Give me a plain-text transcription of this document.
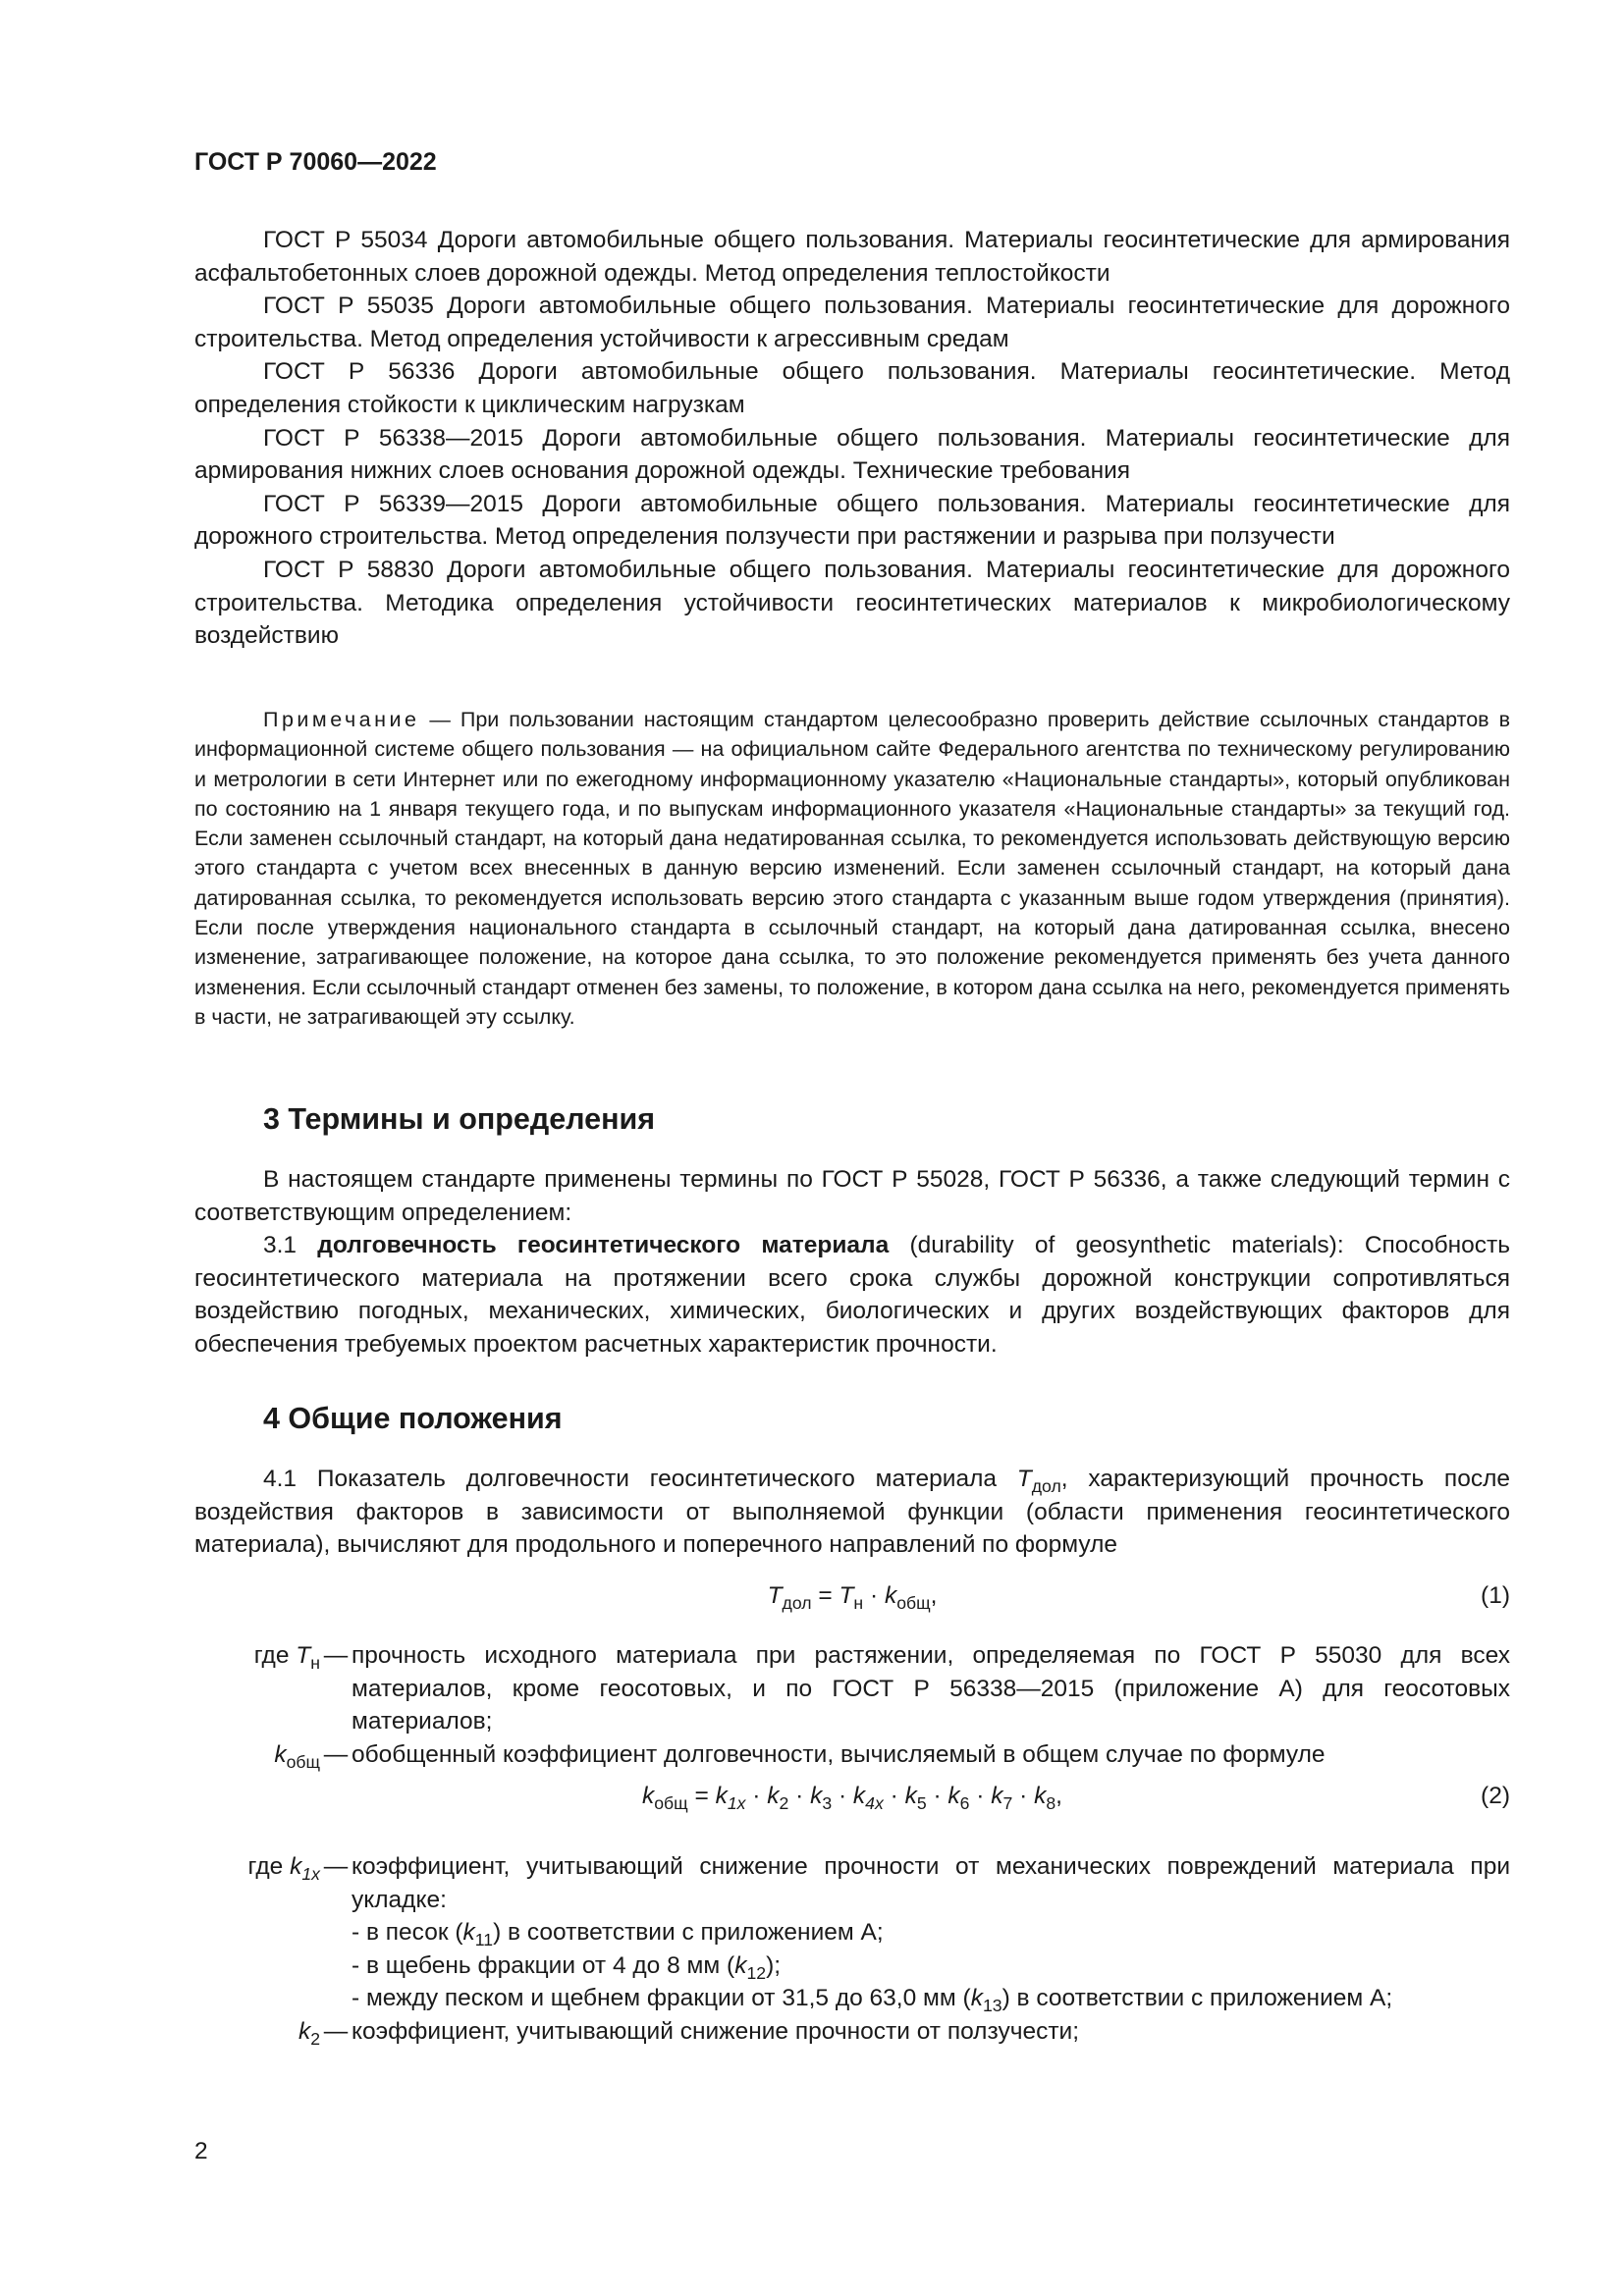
ГОСТ Р 70060—2022
ГОСТ Р 55034 Дороги автомобильные общего пользования. Материалы геосинтетические для армирования асфальтобетонных слоев дорожной одежды. Метод определения теплостойкости
ГОСТ Р 55035 Дороги автомобильные общего пользования. Материалы геосинтетические для дорожного строительства. Метод определения устойчивости к агрессивным средам
ГОСТ Р 56336 Дороги автомобильные общего пользования. Материалы геосинтетические. Метод определения стойкости к циклическим нагрузкам
ГОСТ Р 56338—2015 Дороги автомобильные общего пользования. Материалы геосинтетические для армирования нижних слоев основания дорожной одежды. Технические требования
ГОСТ Р 56339—2015 Дороги автомобильные общего пользования. Материалы геосинтетические для дорожного строительства. Метод определения ползучести при растяжении и разрыва при ползучести
ГОСТ Р 58830 Дороги автомобильные общего пользования. Материалы геосинтетические для дорожного строительства. Методика определения устойчивости геосинтетических материалов к микробиологическому воздействию
Примечание — При пользовании настоящим стандартом целесообразно проверить действие ссылочных стандартов в информационной системе общего пользования — на официальном сайте Федерального агентства по техническому регулированию и метрологии в сети Интернет или по ежегодному информационному указателю «Национальные стандарты», который опубликован по состоянию на 1 января текущего года, и по выпускам информационного указателя «Национальные стандарты» за текущий год. Если заменен ссылочный стандарт, на который дана недатированная ссылка, то рекомендуется использовать действующую версию этого стандарта с учетом всех внесенных в данную версию изменений. Если заменен ссылочный стандарт, на который дана датированная ссылка, то рекомендуется использовать версию этого стандарта с указанным выше годом утверждения (принятия). Если после утверждения национального стандарта в ссылочный стандарт, на который дана датированная ссылка, внесено изменение, затрагивающее положение, на которое дана ссылка, то это положение рекомендуется применять без учета данного изменения. Если ссылочный стандарт отменен без замены, то положение, в котором дана ссылка на него, рекомендуется применять в части, не затрагивающей эту ссылку.
3 Термины и определения
В настоящем стандарте применены термины по ГОСТ Р 55028, ГОСТ Р 56336, а также следующий термин с соответствующим определением:
3.1 долговечность геосинтетического материала (durability of geosynthetic materials): Способность геосинтетического материала на протяжении всего срока службы дорожной конструкции сопротивляться воздействию погодных, механических, химических, биологических и других воздействующих факторов для обеспечения требуемых проектом расчетных характеристик прочности.
4 Общие положения
4.1 Показатель долговечности геосинтетического материала $T_{дол}$, характеризующий прочность после воздействия факторов в зависимости от выполняемой функции (области применения геосинтетического материала), вычисляют для продольного и поперечного направлений по формуле
$T_{дол} = T_н \cdot k_{общ}$,	(1)
где $T_н$ — прочность исходного материала при растяжении, определяемая по ГОСТ Р 55030 для всех материалов, кроме геосотовых, и по ГОСТ Р 56338—2015 (приложение А) для геосотовых материалов;
$k_{общ}$ — обобщенный коэффициент долговечности, вычисляемый в общем случае по формуле
$k_{общ} = k_{1x} \cdot k_2 \cdot k_3 \cdot k_{4x} \cdot k_5 \cdot k_6 \cdot k_7 \cdot k_8$,	(2)
где $k_{1x}$ — коэффициент, учитывающий снижение прочности от механических повреждений материала при укладке:
- в песок $(k_{11})$ в соответствии с приложением А;
- в щебень фракции от 4 до 8 мм $(k_{12})$;
- между песком и щебнем фракции от 31,5 до 63,0 мм $(k_{13})$ в соответствии с приложением А;
$k_2$ — коэффициент, учитывающий снижение прочности от ползучести;
2
